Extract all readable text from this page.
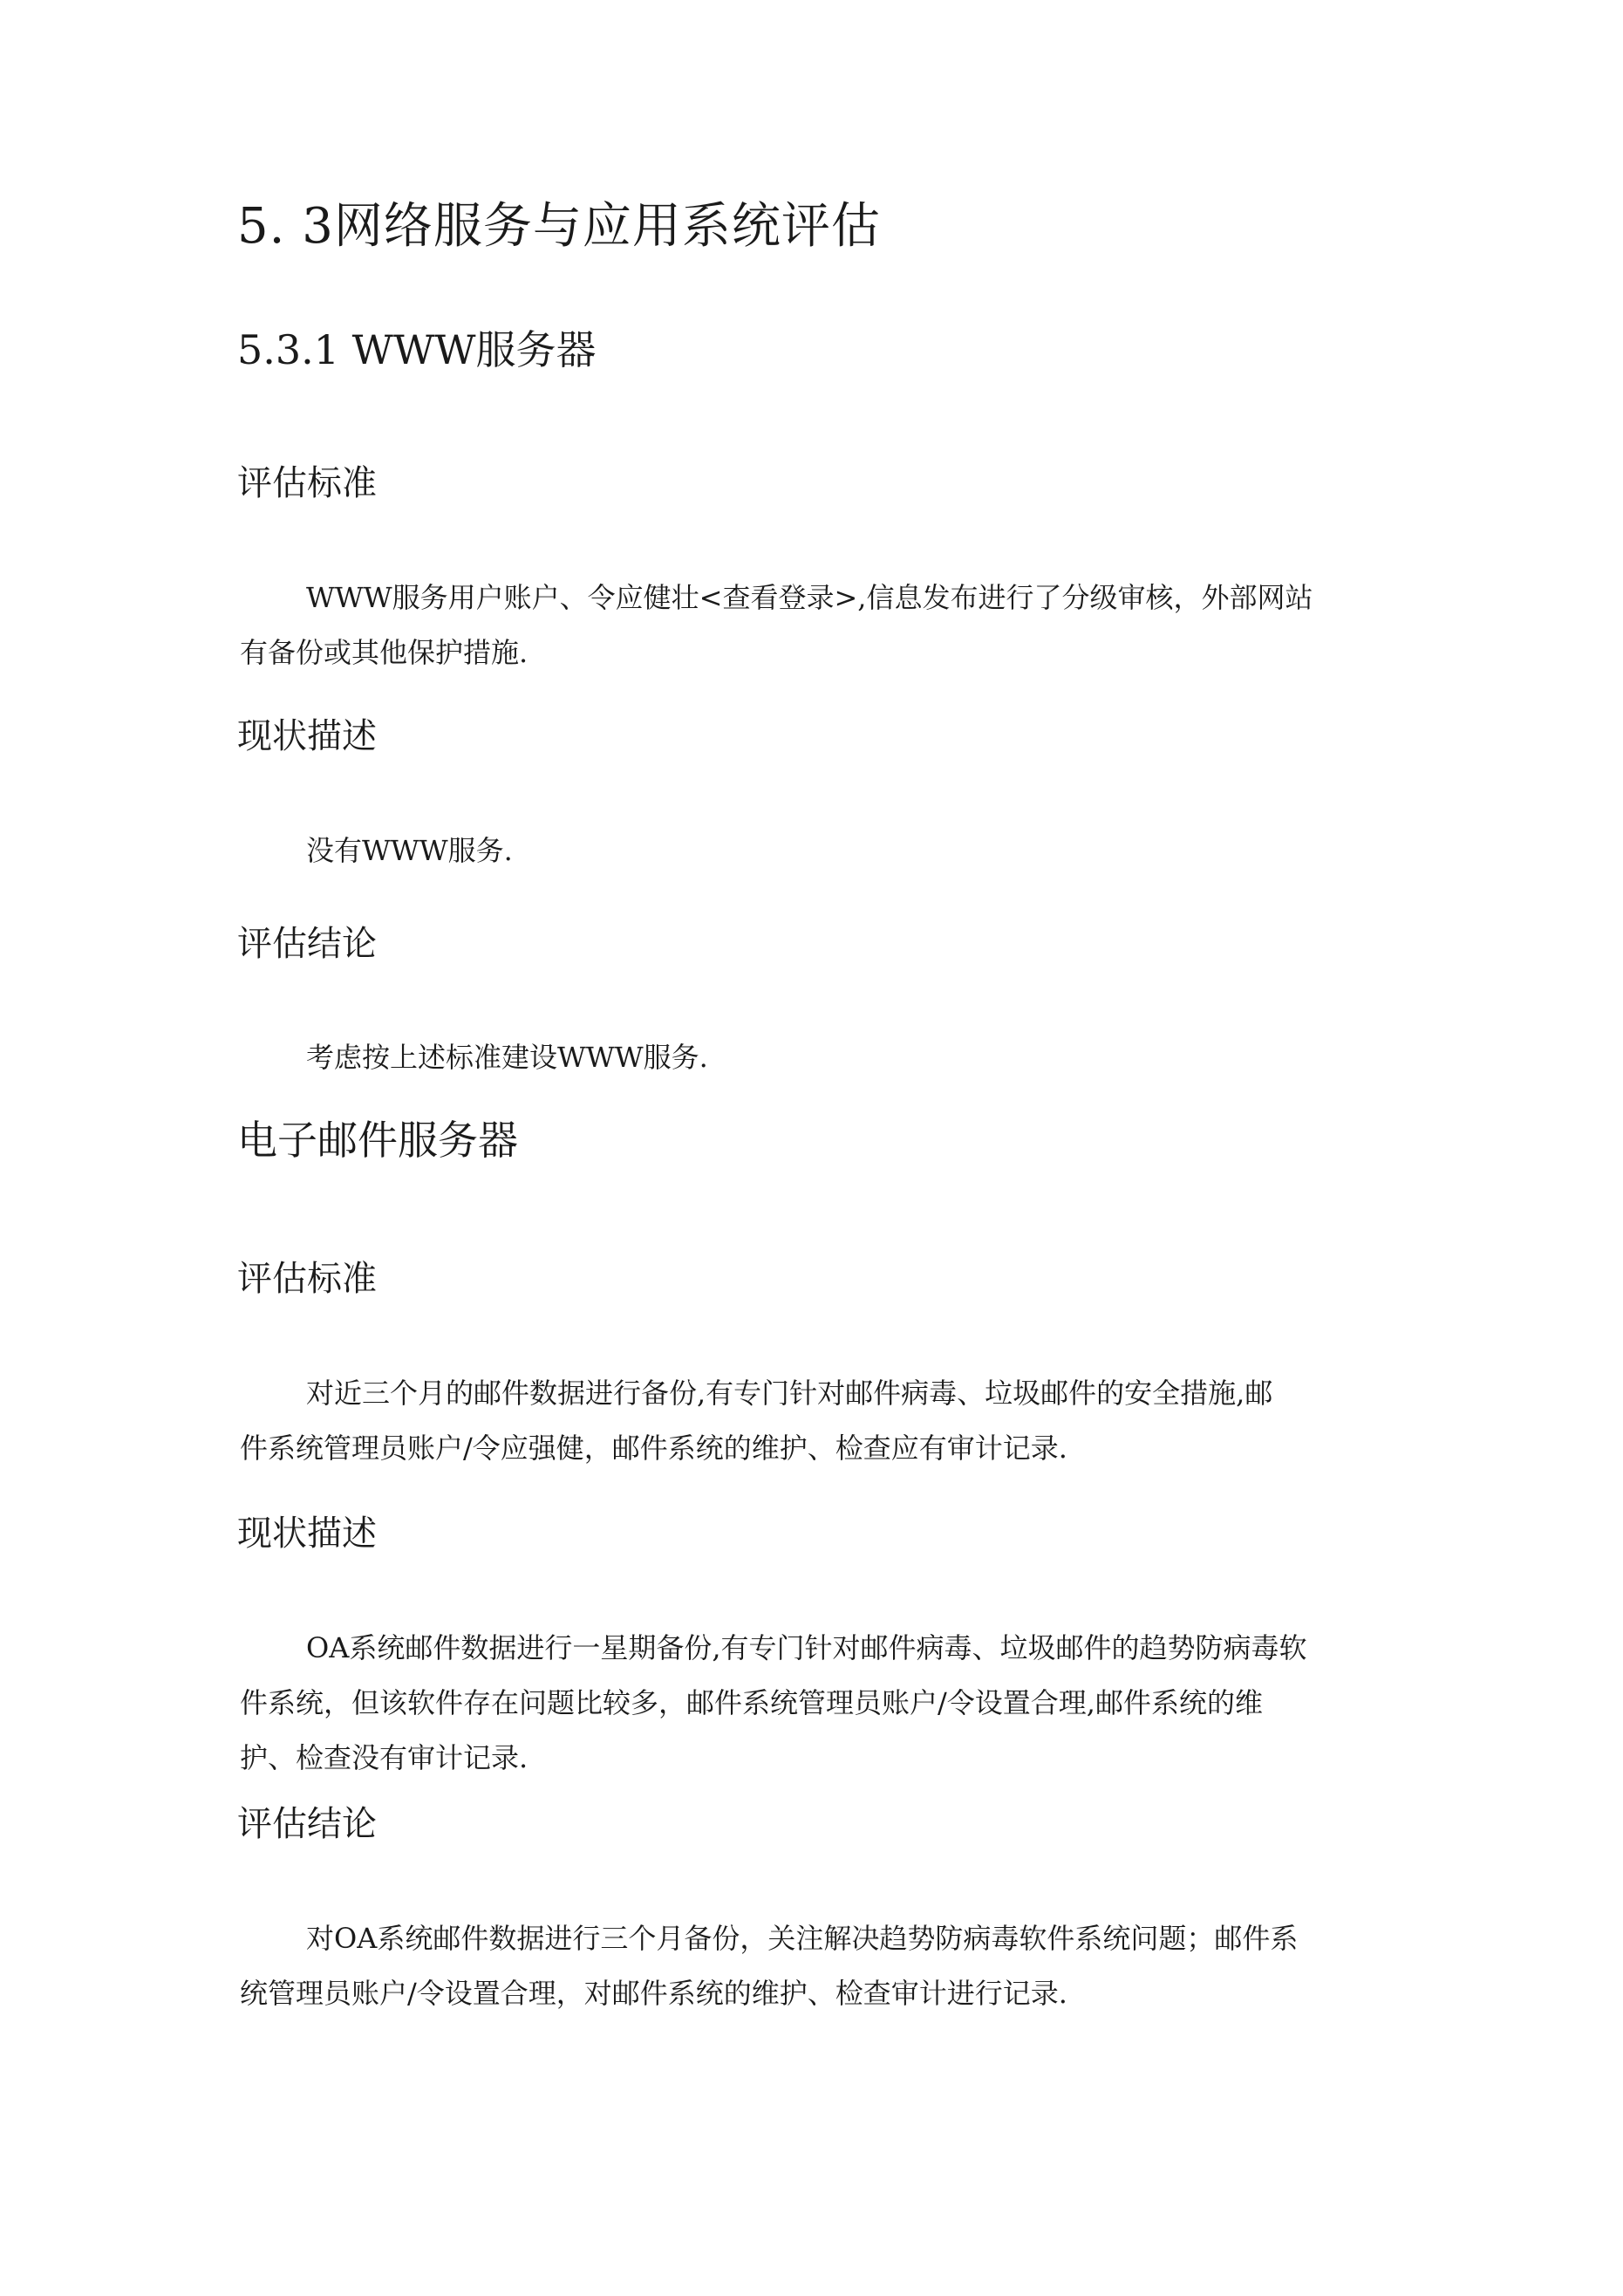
5. 3网络服务与应用系统评估
5.3.1 WWW服务器
评估标准

WWW服务用户账户、令应健壮<查看登录>,信息发布进行了分级审核，外部网站
有备份或其他保护措施.

现状描述

没有WWW服务.

评估结论

考虑按上述标准建设WWW服务.

电子邮件服务器
评估标准

对近三个月的邮件数据进行备份,有专门针对邮件病毒、垃圾邮件的安全措施,邮
件系统管理员账户/令应强健，邮件系统的维护、检查应有审计记录.

现状描述

OA系统邮件数据进行一星期备份,有专门针对邮件病毒、垃圾邮件的趋势防病毒软
件系统，但该软件存在问题比较多，邮件系统管理员账户/令设置合理,邮件系统的维
护、检查没有审计记录.

评估结论

对OA系统邮件数据进行三个月备份，关注解决趋势防病毒软件系统问题；邮件系
统管理员账户/令设置合理，对邮件系统的维护、检查审计进行记录.
